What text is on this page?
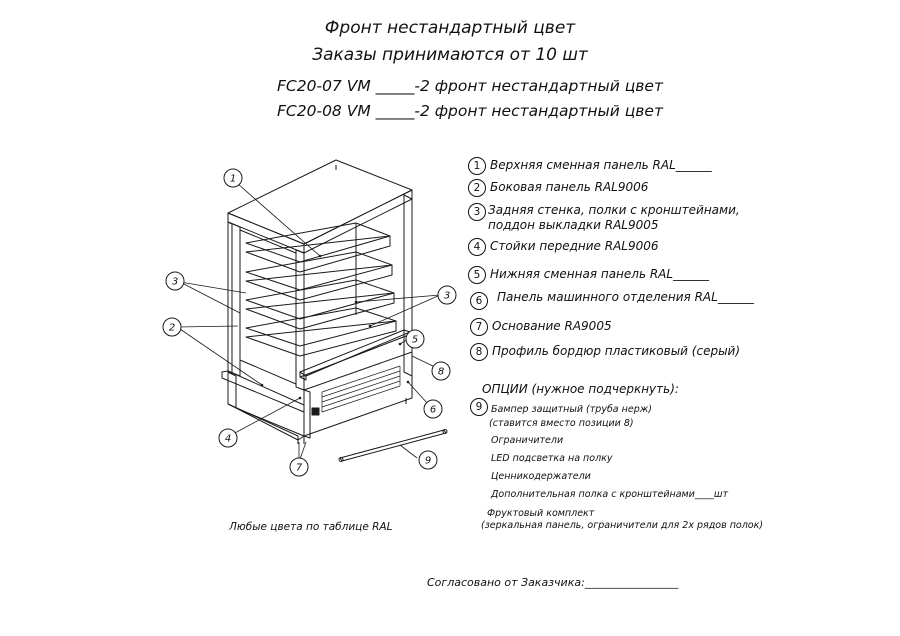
Фронт нестандартный цвет
Заказы принимаются от 10 шт
FC20-07 VM _____-2 фронт нестандартный цвет
FC20-08 VM _____-2 фронт нестандартный цвет
1
2
3
3
4
5
6
7
8
9
1 Верхняя сменная панель RAL______
2 Боковая панель RAL9006
3 Задняя стенка, полки с кронштейнами,
поддон выкладки RAL9005
4 Стойки передние RAL9006
5 Нижняя сменная панель RAL______
6	Панель машинного отделения RAL______
7 Основание RA9005
8 Профиль бордюр пластиковый (серый)
ОПЦИИ (нужное подчеркнуть):
9 Бампер защитный (труба нерж)
(ставится вместо позиции 8)
Ограничители
LED подсветка на полку
Ценникодержатели
Дополнительная полка с кронштейнами____шт
Фруктовый комплект
(зеркальная панель, ограничители для 2х рядов полок)
Любые цвета по таблице RAL
Согласовано от Заказчика:_________________
